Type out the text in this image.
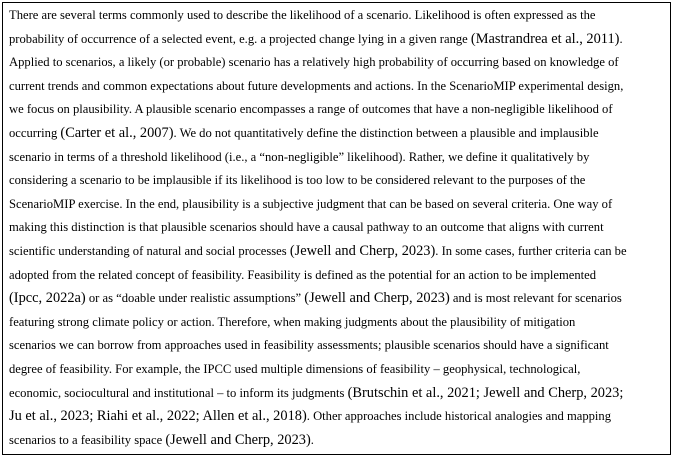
There are several terms commonly used to describe the likelihood of a scenario. Likelihood is often expressed as the
probability of occurrence of a selected event, e.g. a projected change lying in a given range (Mastrandrea et al., 2011).
Applied to scenarios, a likely (or probable) scenario has a relatively high probability of occurring based on knowledge of
current trends and common expectations about future developments and actions. In the ScenarioMIP experimental design,
we focus on plausibility. A plausible scenario encompasses a range of outcomes that have a non-negligible likelihood of
occurring (Carter et al., 2007). We do not quantitatively define the distinction between a plausible and implausible
scenario in terms of a threshold likelihood (i.e., a “non-negligible” likelihood). Rather, we define it qualitatively by
considering a scenario to be implausible if its likelihood is too low to be considered relevant to the purposes of the
ScenarioMIP exercise. In the end, plausibility is a subjective judgment that can be based on several criteria. One way of
making this distinction is that plausible scenarios should have a causal pathway to an outcome that aligns with current
scientific understanding of natural and social processes (Jewell and Cherp, 2023). In some cases, further criteria can be
adopted from the related concept of feasibility. Feasibility is defined as the potential for an action to be implemented
(Ipcc, 2022a) or as “doable under realistic assumptions” (Jewell and Cherp, 2023) and is most relevant for scenarios
featuring strong climate policy or action. Therefore, when making judgments about the plausibility of mitigation
scenarios we can borrow from approaches used in feasibility assessments; plausible scenarios should have a significant
degree of feasibility. For example, the IPCC used multiple dimensions of feasibility – geophysical, technological,
economic, sociocultural and institutional – to inform its judgments (Brutschin et al., 2021; Jewell and Cherp, 2023;
Ju et al., 2023; Riahi et al., 2022; Allen et al., 2018). Other approaches include historical analogies and mapping
scenarios to a feasibility space (Jewell and Cherp, 2023).
